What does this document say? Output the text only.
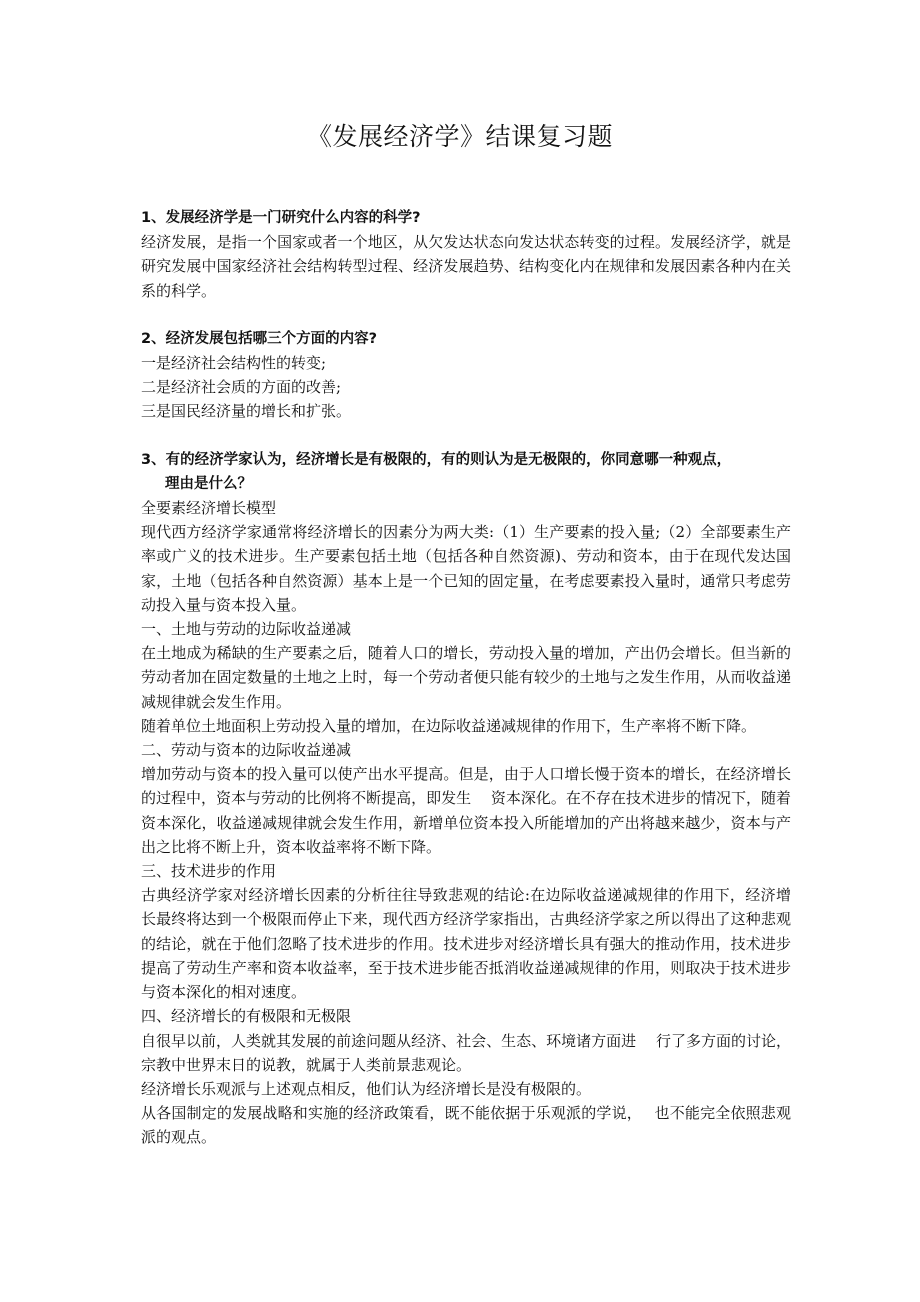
《发展经济学》结课复习题

1、发展经济学是一门研究什么内容的科学?

经济发展，是指一个国家或者一个地区，从欠发达状态向发达状态转变的过程。发展经济学，就是研究发展中国家经济社会结构转型过程、经济发展趋势、结构变化内在规律和发展因素各种内在关系的科学。

2、经济发展包括哪三个方面的内容?

一是经济社会结构性的转变;

二是经济社会质的方面的改善;

三是国民经济量的增长和扩张。

3、有的经济学家认为，经济增长是有极限的，有的则认为是无极限的，你同意哪一种观点，
理由是什么？

全要素经济增长模型

现代西方经济学家通常将经济增长的因素分为两大类:（1）生产要素的投入量;（2）全部要素生产率或广义的技术进步。生产要素包括土地（包括各种自然资源)、劳动和资本，由于在现代发达国家，土地（包括各种自然资源）基本上是一个已知的固定量，在考虑要素投入量时，通常只考虑劳动投入量与资本投入量。

一、土地与劳动的边际收益递减

在土地成为稀缺的生产要素之后，随着人口的增长，劳动投入量的增加，产出仍会增长。但当新的劳动者加在固定数量的土地之上时，每一个劳动者便只能有较少的土地与之发生作用，从而收益递减规律就会发生作用。

随着单位土地面积上劳动投入量的增加，在边际收益递减规律的作用下，生产率将不断下降。

二、劳动与资本的边际收益递减

增加劳动与资本的投入量可以使产出水平提高。但是，由于人口增长慢于资本的增长，在经济增长的过程中，资本与劳动的比例将不断提高，即发生　 资本深化。在不存在技术进步的情况下，随着资本深化，收益递减规律就会发生作用，新增单位资本投入所能增加的产出将越来越少，资本与产出之比将不断上升，资本收益率将不断下降。

三、技术进步的作用

古典经济学家对经济增长因素的分析往往导致悲观的结论:在边际收益递减规律的作用下，经济增长最终将达到一个极限而停止下来，现代西方经济学家指出，古典经济学家之所以得出了这种悲观的结论，就在于他们忽略了技术进步的作用。技术进步对经济增长具有强大的推动作用，技术进步提高了劳动生产率和资本收益率，至于技术进步能否抵消收益递减规律的作用，则取决于技术进步与资本深化的相对速度。

四、经济增长的有极限和无极限

自很早以前，人类就其发展的前途问题从经济、社会、生态、环境诸方面进　 行了多方面的讨论，宗教中世界末日的说教，就属于人类前景悲观论。

经济增长乐观派与上述观点相反，他们认为经济增长是没有极限的。

从各国制定的发展战略和实施的经济政策看，既不能依据于乐观派的学说，　 也不能完全依照悲观派的观点。
